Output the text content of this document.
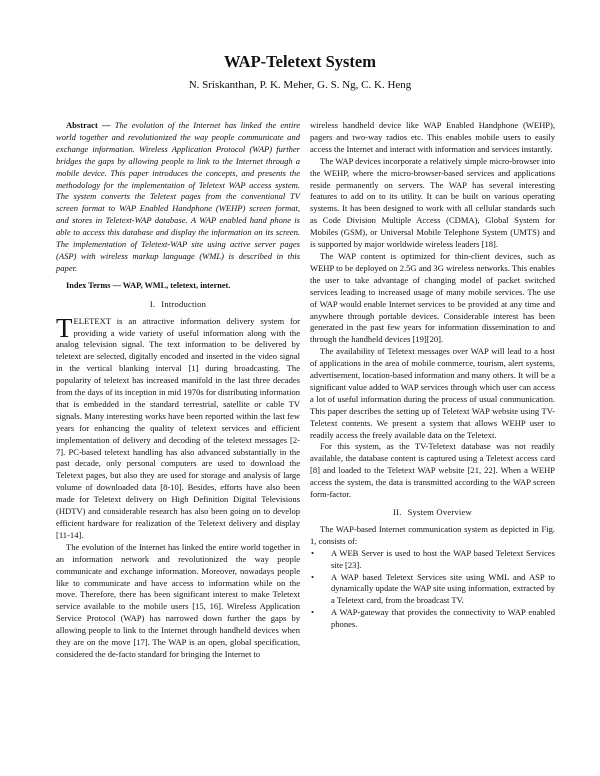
WAP-Teletext System
N. Sriskanthan, P. K. Meher, G. S. Ng, C. K. Heng

Abstract — The evolution of the Internet has linked the entire world together and revolutionized the way people communicate and exchange information. Wireless Application Protocol (WAP) further bridges the gaps by allowing people to link to the Internet through a mobile device. This paper introduces the concepts, and presents the methodology for the implementation of Teletext WAP access system. The system converts the Teletext pages from the conventional TV screen format to WAP Enabled Handphone (WEHP) screen format, and stores in Teletext-WAP database. A WAP enabled hand phone is able to access this database and display the information on its screen. The implementation of Teletext-WAP site using active server pages (ASP) with wireless markup language (WML) is described in this paper.

Index Terms — WAP, WML, teletext, internet.

I. Introduction

TELETEXT is an attractive information delivery system for providing a wide variety of useful information along with the analog television signal. The text information to be delivered by teletext are selected, digitally encoded and inserted in the video signal in the vertical blanking interval [1] during broadcasting. The popularity of teletext has increased manifold in the last three decades from the days of its inception in mid 1970s for distributing information that is embedded in the standard terrestrial, satellite or cable TV signals. Many interesting works have been reported within the last few years for enhancing the quality of teletext services and efficient implementation of delivery and decoding of the teletext messages [2-7]. PC-based teletext handling has also advanced substantially in the past decade, only personal computers are used to download the Teletext pages, but also they are used for storage and analysis of large volume of downloaded data [8-10]. Besides, efforts have also been made for Teletext delivery on High Definition Digital Televisions (HDTV) and considerable research has also been going on to develop efficient hardware for realization of the Teletext delivery and display [11-14].

The evolution of the Internet has linked the entire world together in an information network and revolutionized the way people communicate and exchange information. Moreover, nowadays people like to communicate and have access to information while on the move. Therefore, there has been significant interest to make Teletext service available to the mobile users [15, 16]. Wireless Application Service Protocol (WAP) has narrowed down further the gaps by allowing people to link to the Internet through handheld devices when they are on the move [17]. The WAP is an open, global specification, considered the de-facto standard for bringing the Internet to

wireless handheld device like WAP Enabled Handphone (WEHP), pagers and two-way radios etc. This enables mobile users to easily access the Internet and interact with information and services instantly.

The WAP devices incorporate a relatively simple micro-browser into the WEHP, where the micro-browser-based services and applications reside permanently on servers. The WAP has several interesting features to add on to its utility. It can be built on various operating systems. It has been designed to work with all cellular standards such as Code Division Multiple Access (CDMA), Global System for Mobiles (GSM), or Universal Mobile Telephone System (UMTS) and is supported by major worldwide wireless leaders [18].

The WAP content is optimized for thin-client devices, such as WEHP to be deployed on 2.5G and 3G wireless networks. This enables the user to take advantage of changing model of packet switched services leading to increased usage of many mobile services. The use of WAP would enable Internet services to be provided at any time and anywhere through portable devices. Considerable interest has been generated in the past few years for information dissemination to and through the handheld devices [19][20].

The availability of Teletext messages over WAP will lead to a host of applications in the area of mobile commerce, tourism, alert systems, advertisement, location-based information and many others. It will be a significant value added to WAP services through which user can access a lot of useful information during the process of usual communication. This paper describes the setting up of Teletext WAP website using TV-Teletext contents. We present a system that allows WEHP user to readily access the freely available data on the Teletext.

For this system, as the TV-Teletext database was not readily available, the database content is captured using a Teletext access card [8] and loaded to the Teletext WAP website [21, 22]. When a WEHP access the system, the data is transmitted according to the WAP screen form-factor.

II. System Overview

The WAP-based Internet communication system as depicted in Fig. 1, consists of:

• A WEB Server is used to host the WAP based Teletext Services site [23].
• A WAP based Teletext Services site using WML and ASP to dynamically update the WAP site using information, extracted by a Teletext card, from the broadcast TV.
• A WAP-gateway that provides the connectivity to WAP enabled phones.
